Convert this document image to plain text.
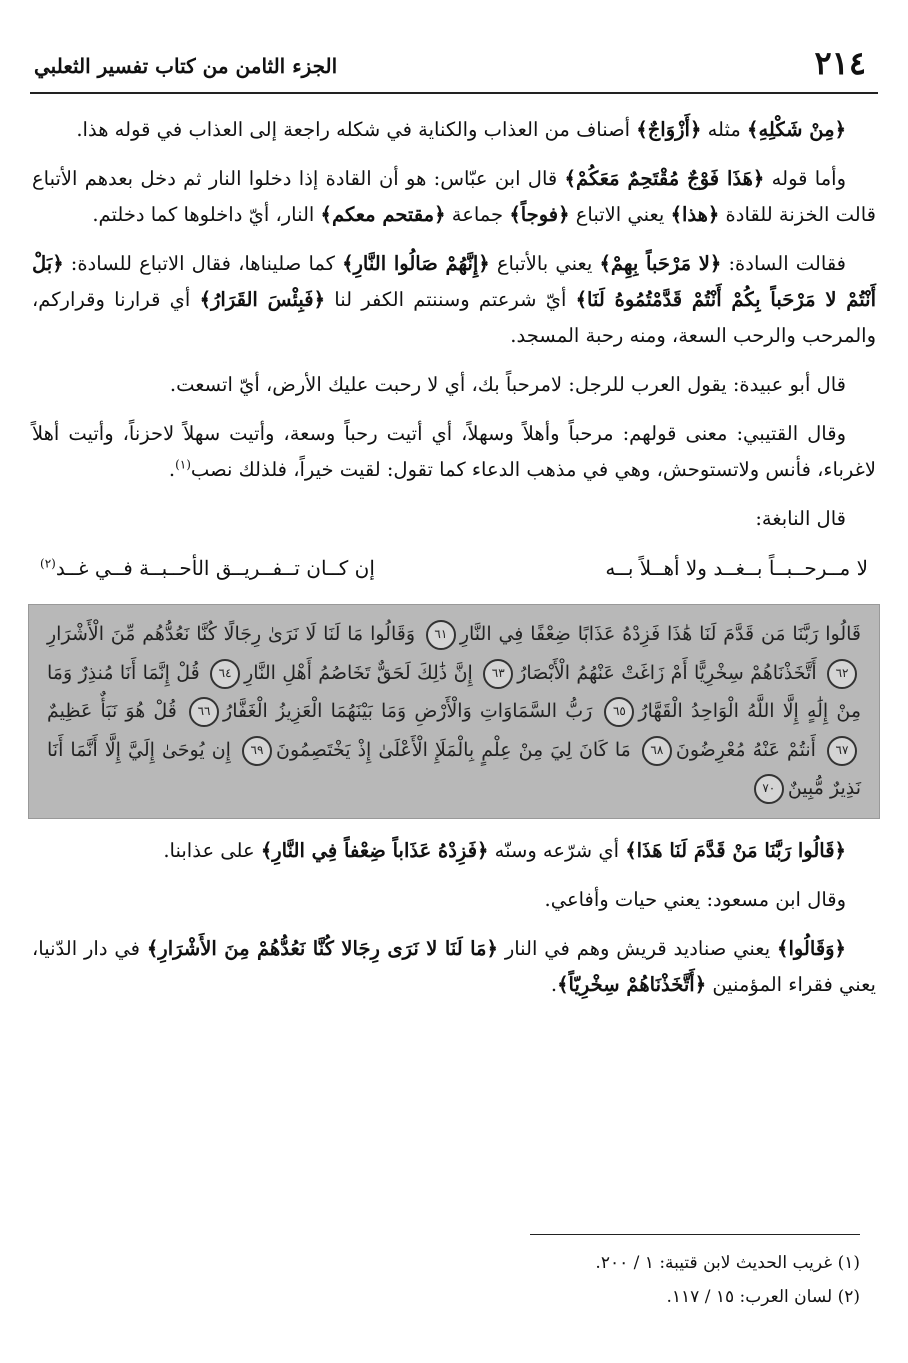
٢١٤
الجزء الثامن من كتاب تفسير الثعلبي

﴿مِنْ شَكْلِهِ﴾ مثله ﴿أَزْوَاجٌ﴾ أصناف من العذاب والكناية في شكله راجعة إلى العذاب في قوله هذا.

وأما قوله ﴿هَذَا فَوْجٌ مُقْتَحِمٌ مَعَكُمْ﴾ قال ابن عبّاس: هو أن القادة إذا دخلوا النار ثم دخل بعدهم الأتباع قالت الخزنة للقادة ﴿هذا﴾ يعني الاتباع ﴿فوجاً﴾ جماعة ﴿مقتحم معكم﴾ النار، أيّ داخلوها كما دخلتم.

فقالت السادة: ﴿لا مَرْحَباً بِهِمْ﴾ يعني بالأتباع ﴿إِنَّهُمْ صَالُوا النَّارِ﴾ كما صليناها، فقال الاتباع للسادة: ﴿بَلْ أَنْتُمْ لا مَرْحَباً بِكُمْ أَنْتُمْ قَدَّمْتُمُوهُ لَنَا﴾ أيّ شرعتم وسننتم الكفر لنا ﴿فَبِئْسَ القَرَارُ﴾ أي قرارنا وقراركم، والمرحب والرحب السعة، ومنه رحبة المسجد.

قال أبو عبيدة: يقول العرب للرجل: لامرحباً بك، أي لا رحبت عليك الأرض، أيّ اتسعت.

وقال القتيبي: معنى قولهم: مرحباً وأهلاً وسهلاً، أي أتيت رحباً وسعة، وأتيت سهلاً لاحزناً، وأتيت أهلاً لاغرباء، فأنس ولاتستوحش، وهي في مذهب الدعاء كما تقول: لقيت خيراً، فلذلك نصب$^{(١)}$.

قال النابغة:

لا مــرحــبــاً بــغــد ولا أهــلاً بــه
إن كــان تــفــريــق الأحــبــة فــي غــد$^{(٢)}$
قَالُوا رَبَّنَا مَن قَدَّمَ لَنَا هَٰذَا فَزِدْهُ عَذَابًا ضِعْفًا فِي النَّارِ٦١ وَقَالُوا مَا لَنَا لَا نَرَىٰ رِجَالًا كُنَّا نَعُدُّهُم مِّنَ الْأَشْرَارِ٦٢ أَتَّخَذْنَاهُمْ سِخْرِيًّا أَمْ زَاغَتْ عَنْهُمُ الْأَبْصَارُ٦٣ إِنَّ ذَٰلِكَ لَحَقٌّ تَخَاصُمُ أَهْلِ النَّارِ٦٤ قُلْ إِنَّمَا أَنَا مُنذِرٌ وَمَا مِنْ إِلَٰهٍ إِلَّا اللَّهُ الْوَاحِدُ الْقَهَّارُ٦٥ رَبُّ السَّمَاوَاتِ وَالْأَرْضِ وَمَا بَيْنَهُمَا الْعَزِيزُ الْغَفَّارُ٦٦ قُلْ هُوَ نَبَأٌ عَظِيمٌ٦٧ أَنتُمْ عَنْهُ مُعْرِضُونَ٦٨ مَا كَانَ لِيَ مِنْ عِلْمٍ بِالْمَلَإِ الْأَعْلَىٰ إِذْ يَخْتَصِمُونَ٦٩ إِن يُوحَىٰ إِلَيَّ إِلَّا أَنَّمَا أَنَا نَذِيرٌ مُّبِينٌ٧٠

﴿قَالُوا رَبَّنَا مَنْ قَدَّمَ لَنَا هَذَا﴾ أي شرّعه وسنّه ﴿فَزِدْهُ عَذَاباً ضِعْفاً فِي النَّارِ﴾ على عذابنا.

وقال ابن مسعود: يعني حيات وأفاعي.

﴿وَقَالُوا﴾ يعني صناديد قريش وهم في النار ﴿مَا لَنَا لا نَرَى رِجَالا كُنَّا نَعُدُّهُمْ مِنَ الأَشْرَارِ﴾ في دار الدّنيا، يعني فقراء المؤمنين ﴿أَتَّخَذْنَاهُمْ سِخْرِيّاً﴾.

(١) غريب الحديث لابن قتيبة: ١ / ٢٠٠.

(٢) لسان العرب: ١٥ / ١١٧.
